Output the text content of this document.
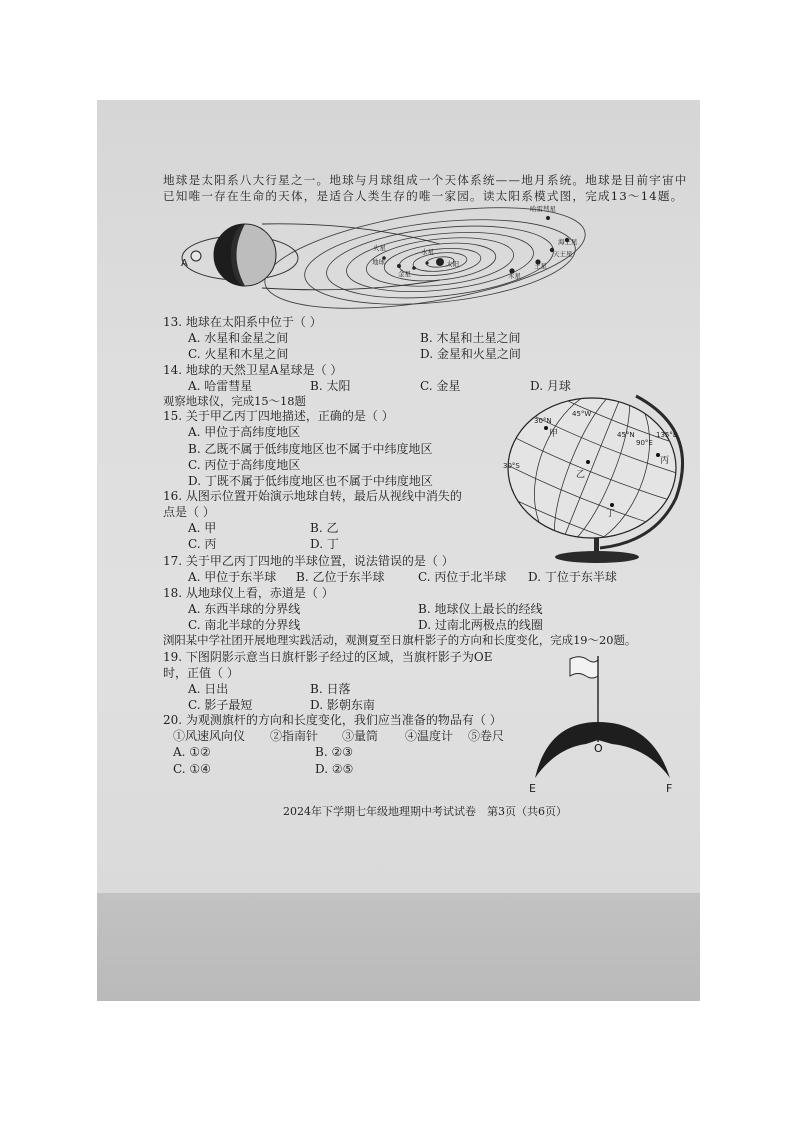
地球是太阳系八大行星之一。地球与月球组成一个天体系统——地月系统。地球是目前宇宙中
已知唯一存在生命的天体，是适合人类生存的唯一家园。读太阳系模式图，完成13～14题。
A
哈雷彗星
海王星
天王星
土星
木星
太阳
水星
金星
地球
火星
13. 地球在太阳系中位于（ ）
A. 水星和金星之间	B. 木星和土星之间
C. 火星和木星之间	D. 金星和火星之间
14. 地球的天然卫星A星球是（ ）
A. 哈雷彗星	B. 太阳	C. 金星	D. 月球
观察地球仪，完成15～18题
15. 关于甲乙丙丁四地描述，正确的是（ ）
A. 甲位于高纬度地区
B. 乙既不属于低纬度地区也不属于中纬度地区
C. 丙位于高纬度地区
D. 丁既不属于低纬度地区也不属于中纬度地区
16. 从图示位置开始演示地球自转，最后从视线中消失的
点是（ ）
A. 甲	B. 乙
C. 丙	D. 丁
45°W
30°N
甲	45°N
90°E
135°E
丙
30°S
乙
丁
17. 关于甲乙丙丁四地的半球位置，说法错误的是（ ）
A. 甲位于东半球 B. 乙位于东半球	C. 丙位于北半球 D. 丁位于东半球
18. 从地球仪上看，赤道是（ ）
A. 东西半球的分界线	B. 地球仪上最长的经线
C. 南北半球的分界线	D. 过南北两极点的线圈
浏阳某中学社团开展地理实践活动，观测夏至日旗杆影子的方向和长度变化，完成19～20题。
19. 下图阴影示意当日旗杆影子经过的区域，当旗杆影子为OE
时，正值（ ）
A. 日出	B. 日落
C. 影子最短	D. 影朝东南
20. 为观测旗杆的方向和长度变化，我们应当准备的物品有（ ）
①风速风向仪 ②指南针 ③量筒 ④温度计 ⑤卷尺
A. ①②	B. ②③
C. ①④	D. ②⑤
O
E	F
2024年下学期七年级地理期中考试试卷　第3页（共6页）
